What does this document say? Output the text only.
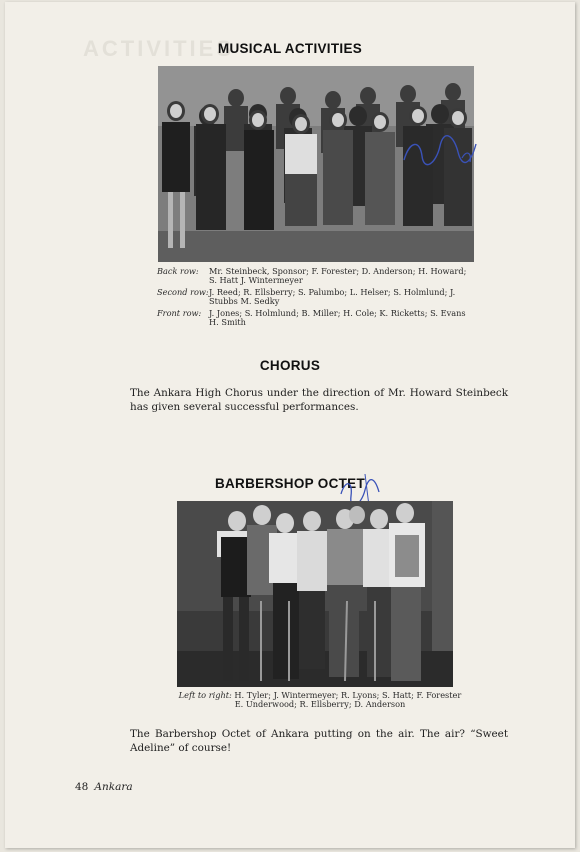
ACTIVITIES
MUSICAL ACTIVITIES
Back row:	Mr. Steinbeck, Sponsor; F. Forester; D. Anderson; H. Howard; S. Hatt J. Wintermeyer
Second row: J. Reed; R. Ellsberry; S. Palumbo; L. Helser; S. Holmlund; J. Stubbs M. Sedky
Front row: J. Jones; S. Holmlund; B. Miller; H. Cole; K. Ricketts; S. Evans H. Smith
CHORUS
The Ankara High Chorus under the direction of Mr. Howard Steinbeck has given several successful performances.
BARBERSHOP OCTET
Left to right: H. Tyler; J. Wintermeyer; R. Lyons; S. Hatt; F. Forester E. Underwood; R. Ellsberry; D. Anderson
The Barbershop Octet of Ankara putting on the air. The air? “Sweet Adeline” of course!
48 Ankara
